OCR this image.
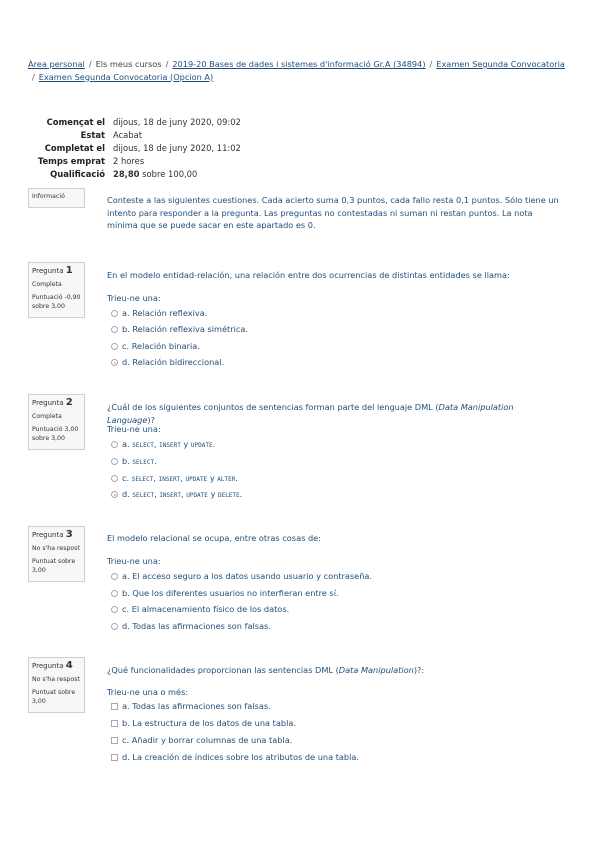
Àrea personal / Els meus cursos / 2019-20 Bases de dades i sistemes d'informació Gr.A (34894) / Examen Segunda Convocatoria
/ Examen Segunda Convocatoria (Opcion A)
Començat el dijous, 18 de juny 2020, 09:02
Estat Acabat
Completat el dijous, 18 de juny 2020, 11:02
Temps emprat 2 hores
Qualificació 28,80 sobre 100,00
Informació	Conteste a las siguientes cuestiones. Cada acierto suma 0,3 puntos, cada fallo resta 0,1 puntos. Sólo tiene un intento para responder a la pregunta. Las preguntas no contestadas ni suman ni restan puntos. La nota mínima que se puede sacar en este apartado es 0.
Pregunta 1
Completa
Puntuació -0,90
sobre 3,00
En el modelo entidad-relación, una relación entre dos ocurrencias de distintas entidades se llama:
Trieu-ne una:
a. Relación reflexiva.
b. Relación reflexiva simétrica.
c. Relación binaria.
d. Relación bidireccional.
Pregunta 2
Completa
Puntuació 3,00
sobre 3,00
¿Cuál de los siguientes conjuntos de sentencias forman parte del lenguaje DML (Data Manipulation Language)?
Trieu-ne una:
a. SELECT, INSERT y UPDATE.
b. SELECT.
c. SELECT, INSERT, UPDATE y ALTER.
d. SELECT, INSERT, UPDATE y DELETE.
Pregunta 3
No s'ha respost
Puntuat sobre
3,00
El modelo relacional se ocupa, entre otras cosas de:
Trieu-ne una:
a. El acceso seguro a los datos usando usuario y contraseña.
b. Que los diferentes usuarios no interfieran entre sí.
c. El almacenamiento físico de los datos.
d. Todas las afirmaciones son falsas.
Pregunta 4
No s'ha respost
Puntuat sobre
3,00
¿Qué funcionalidades proporcionan las sentencias DML (Data Manipulation)?:
Trieu-ne una o més:
a. Todas las afirmaciones son falsas.
b. La estructura de los datos de una tabla.
c. Añadir y borrar columnas de una tabla.
d. La creación de índices sobre los atributos de una tabla.
